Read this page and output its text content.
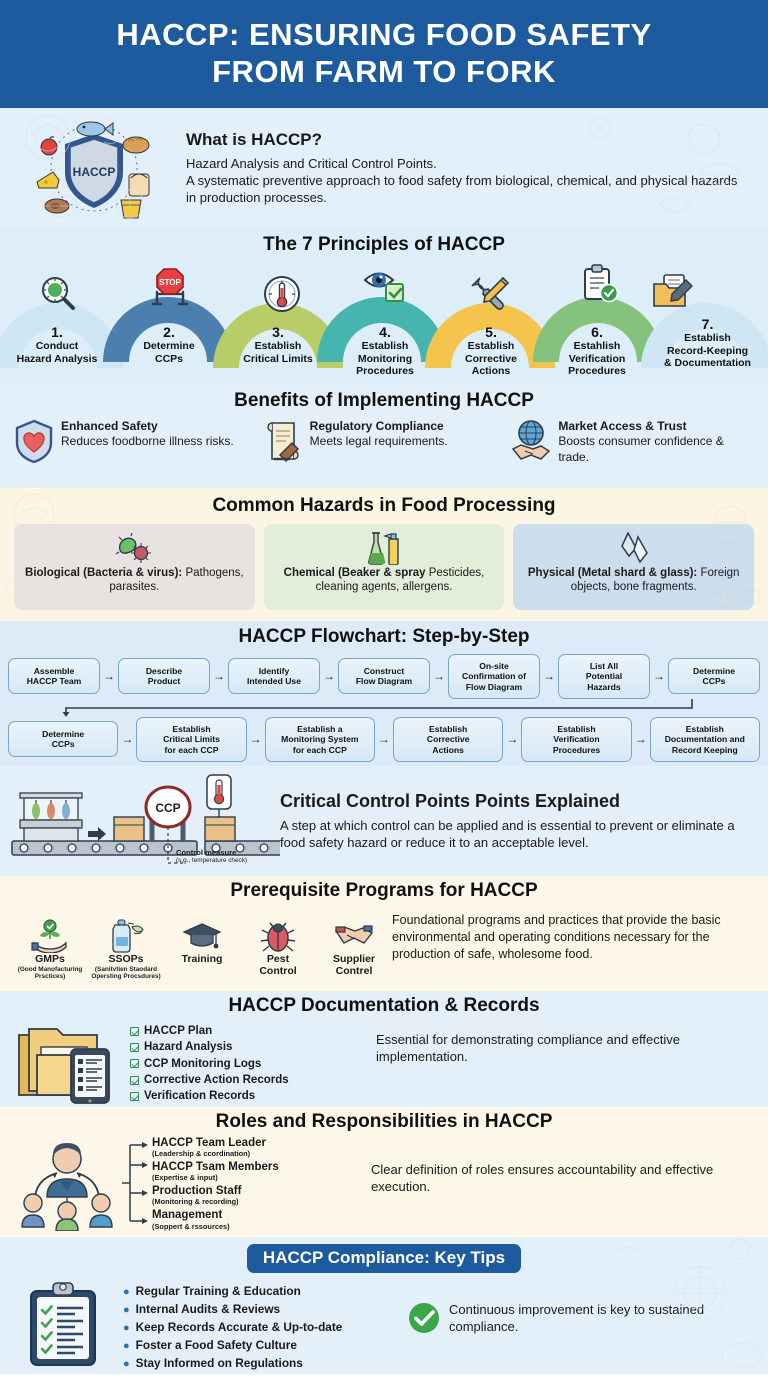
HACCP: ENSURING FOOD SAFETY
FROM FARM TO FORK
HACCP
What is HACCP?

Hazard Analysis and Critical Control Points.

A systematic preventive approach to food safety from biological, chemical, and physical hazards in production processes.

The 7 Principles of HACCP
STOP
1.
Conduct
Hazard Analysis
2.
Determine
CCPs
3.
Establish
Critical Limits
4.
Establish
Monitoring
Procedures
5.
Establish
Corrective
Actions
6.
Estahlish
Verification
Procedures
7.
Establish
Record-Keeping
& Documentation
Benefits of Implementing HACCP
Enhanced Safety
Reduces foodborne illness risks.
Regulatory Compliance
Meets legal requirements.
Market Access & Trust
Boosts consumer confidence & trade.
Common Hazards in Food Processing
Biological (Bacteria & virus): Pathogens, parasites.
Chemical (Beaker & spray Pesticides, cleaning agents, allergens.
Physical (Metal shard & glass): Foreign objects, bone fragments.
HACCP Flowchart: Step-by-Step
Assemble
HACCP Team →	Describe
Product	→	Identify
Intended Use →	Construct
Flow Diagram →
On-site
Confirmation of
Flow Diagram
→
List All
Potential
Hazards
→	Determine
CCPs
Determine
CCPs	→
Establish
Critical Limits
for each CCP
→
Establish a
Monitoring System
for each CCP
→
Establish
Corrective
Actions
→
Establish
Verification
Procedures
→
Establish
Documentation and
Record Keeping
CCP
Control measure
(s.g., temperature check)
Critical Control Points Points Explained

A step at which control can be applied and is essential to prevent or eliminate a food safety hazard or reduce it to an acceptable level.

Prerequisite Programs for HACCP
GMPs
(Good Manofacturing
Prsctices)
SSOPs
(Sanitvtien Staodard
Opersting Procsdures)
Training	Pest
Control
Supplier
Contrel

Foundational programs and practices that provide the basic environmental and operating conditions necessary for the production of safe, wholesome food.

HACCP Documentation & Records
HACCP Plan
Hazard Analysis
CCP Monitoring Logs
Corrective Action Records
Verification Records

Essential for demonstrating compliance and effective implementation.

Roles and Responsibilities in HACCP
HACCP Team Leader
(Leadership & ccordination)
HACCP Tsam Members
(Expertise & input)
Production Staff
(Monitoring & recording)
Management
(Soppert & rssources)

Clear definition of roles ensures accountability and effective execution.

HACCP Compliance: Key Tips
● Regular Training & Education
● Internal Audits & Reviews
● Keep Records Accurate & Up-to-date
● Foster a Food Safety Culture
● Stay Informed on Regulations

Continuous improvement is key to sustained compliance.
